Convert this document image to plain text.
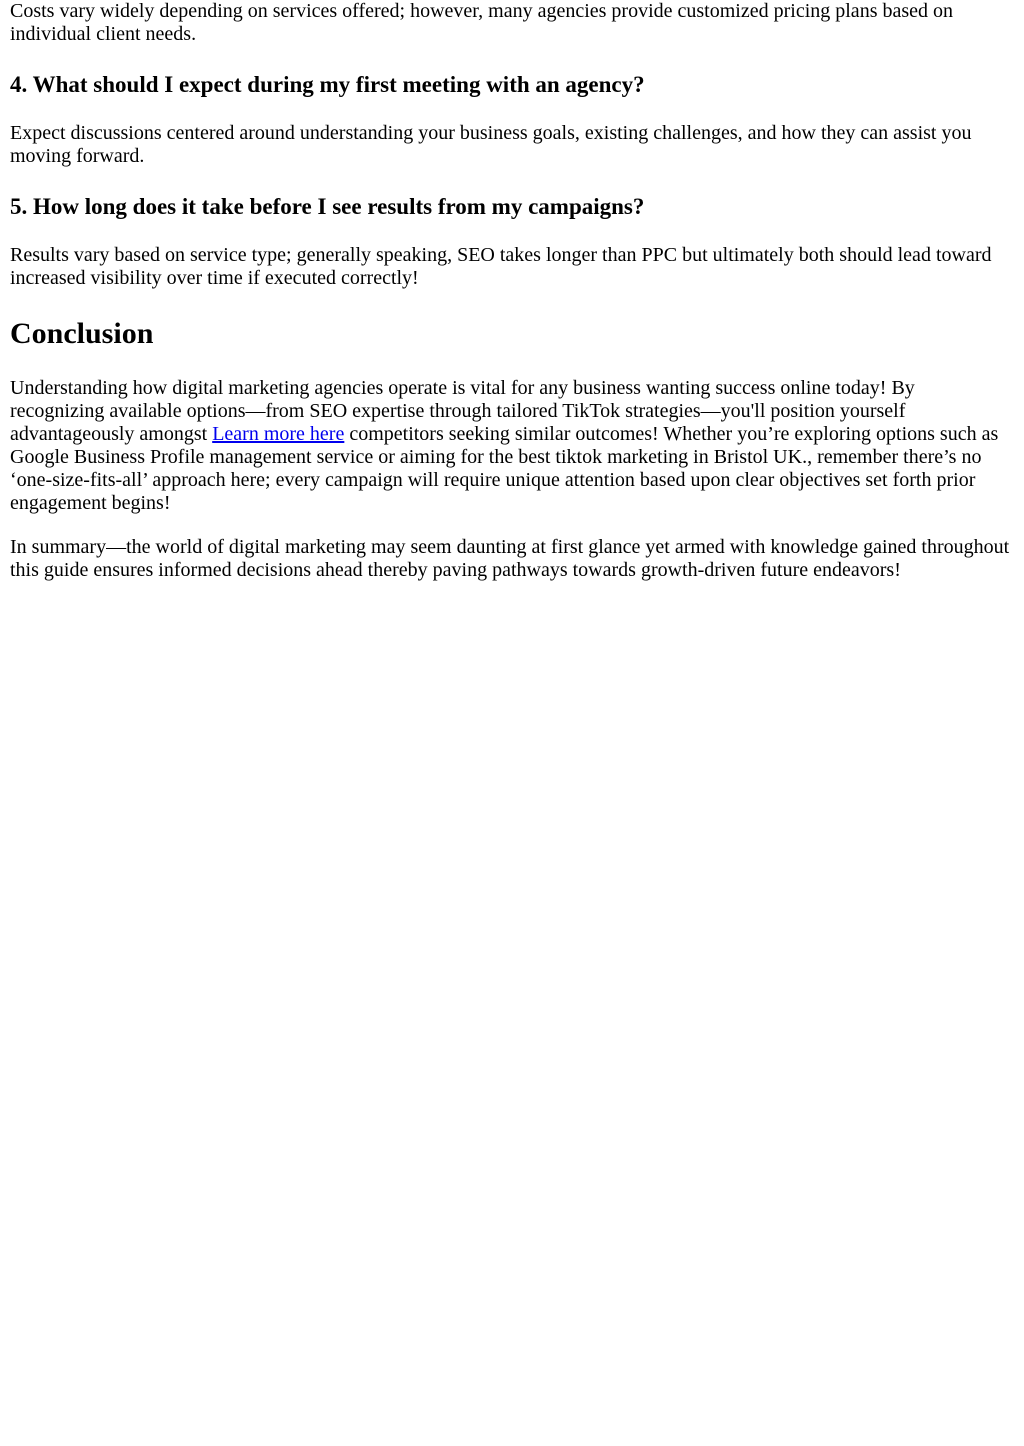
Costs vary widely depending on services offered; however, many agencies provide customized pricing plans based on individual client needs.

4. What should I expect during my first meeting with an agency?

Expect discussions centered around understanding your business goals, existing challenges, and how they can assist you moving forward.

5. How long does it take before I see results from my campaigns?

Results vary based on service type; generally speaking, SEO takes longer than PPC but ultimately both should lead toward increased visibility over time if executed correctly!

Conclusion

Understanding how digital marketing agencies operate is vital for any business wanting success online today! By recognizing available options—from SEO expertise through tailored TikTok strategies—you'll position yourself advantageously amongst Learn more here competitors seeking similar outcomes! Whether you’re exploring options such as Google Business Profile management service or aiming for the best tiktok marketing in Bristol UK., remember there’s no ‘one-size-fits-all’ approach here; every campaign will require unique attention based upon clear objectives set forth prior engagement begins!

In summary—the world of digital marketing may seem daunting at first glance yet armed with knowledge gained throughout this guide ensures informed decisions ahead thereby paving pathways towards growth-driven future endeavors!
